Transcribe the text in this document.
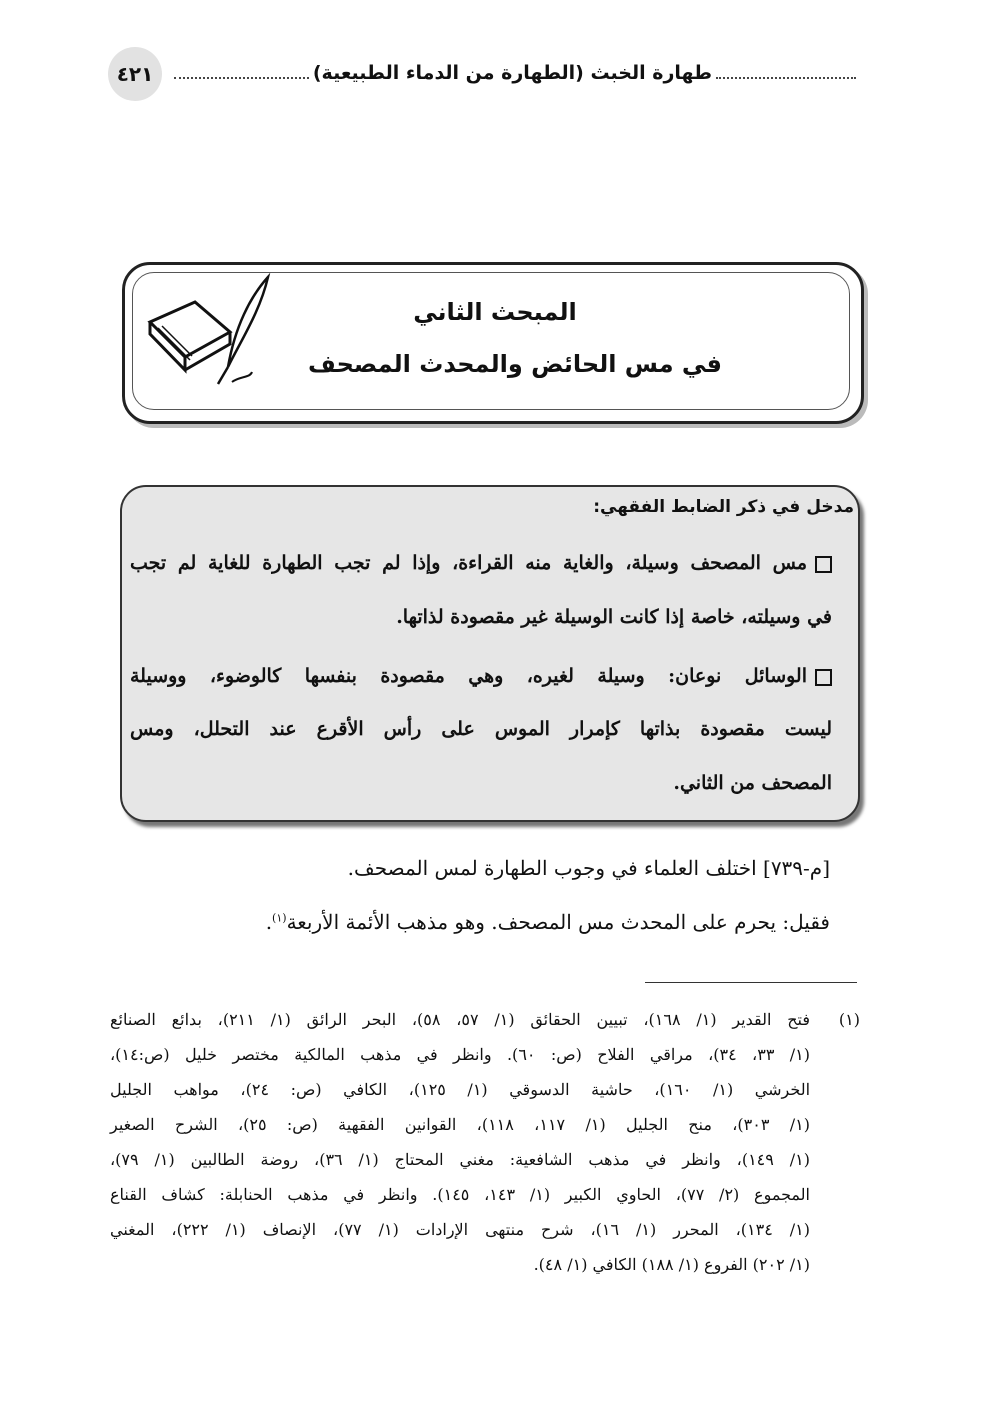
طهارة الخبث (الطهارة من الدماء الطبيعية)
٤٢١
المبحث الثاني
في مس الحائض والمحدث المصحف
مدخل في ذكر الضابط الفقهي:
مس المصحف وسيلة، والغاية منه القراءة، وإذا لم تجب الطهارة للغاية لم تجب
في وسيلته، خاصة إذا كانت الوسيلة غير مقصودة لذاتها.
الوسائل نوعان: وسيلة لغيره، وهي مقصودة بنفسها كالوضوء، ووسيلة
ليست مقصودة بذاتها كإمرار الموس على رأس الأقرع عند التحلل، ومس
المصحف من الثاني.
[م-٧٣٩] اختلف العلماء في وجوب الطهارة لمس المصحف.
فقيل: يحرم على المحدث مس المصحف. وهو مذهب الأئمة الأربعة$^{(١)}$.
(١)
فتح القدير (١/ ١٦٨)، تبيين الحقائق (١/ ٥٧، ٥٨)، البحر الرائق (١/ ٢١١)، بدائع الصنائع
(١/ ٣٣، ٣٤)، مراقي الفلاح (ص: ٦٠). وانظر في مذهب المالكية مختصر خليل (ص:١٤)،
الخرشي (١/ ١٦٠)، حاشية الدسوقي (١/ ١٢٥)، الكافي (ص: ٢٤)، مواهب الجليل
(١/ ٣٠٣)، منح الجليل (١/ ١١٧، ١١٨)، القوانين الفقهية (ص: ٢٥)، الشرح الصغير
(١/ ١٤٩)، وانظر في مذهب الشافعية: مغني المحتاج (١/ ٣٦)، روضة الطالبين (١/ ٧٩)،
المجموع (٢/ ٧٧)، الحاوي الكبير (١/ ١٤٣، ١٤٥). وانظر في مذهب الحنابلة: كشاف القناع
(١/ ١٣٤)، المحرر (١/ ١٦)، شرح منتهى الإرادات (١/ ٧٧)، الإنصاف (١/ ٢٢٢)، المغني
(١/ ٢٠٢) الفروع (١/ ١٨٨) الكافي (١/ ٤٨).
